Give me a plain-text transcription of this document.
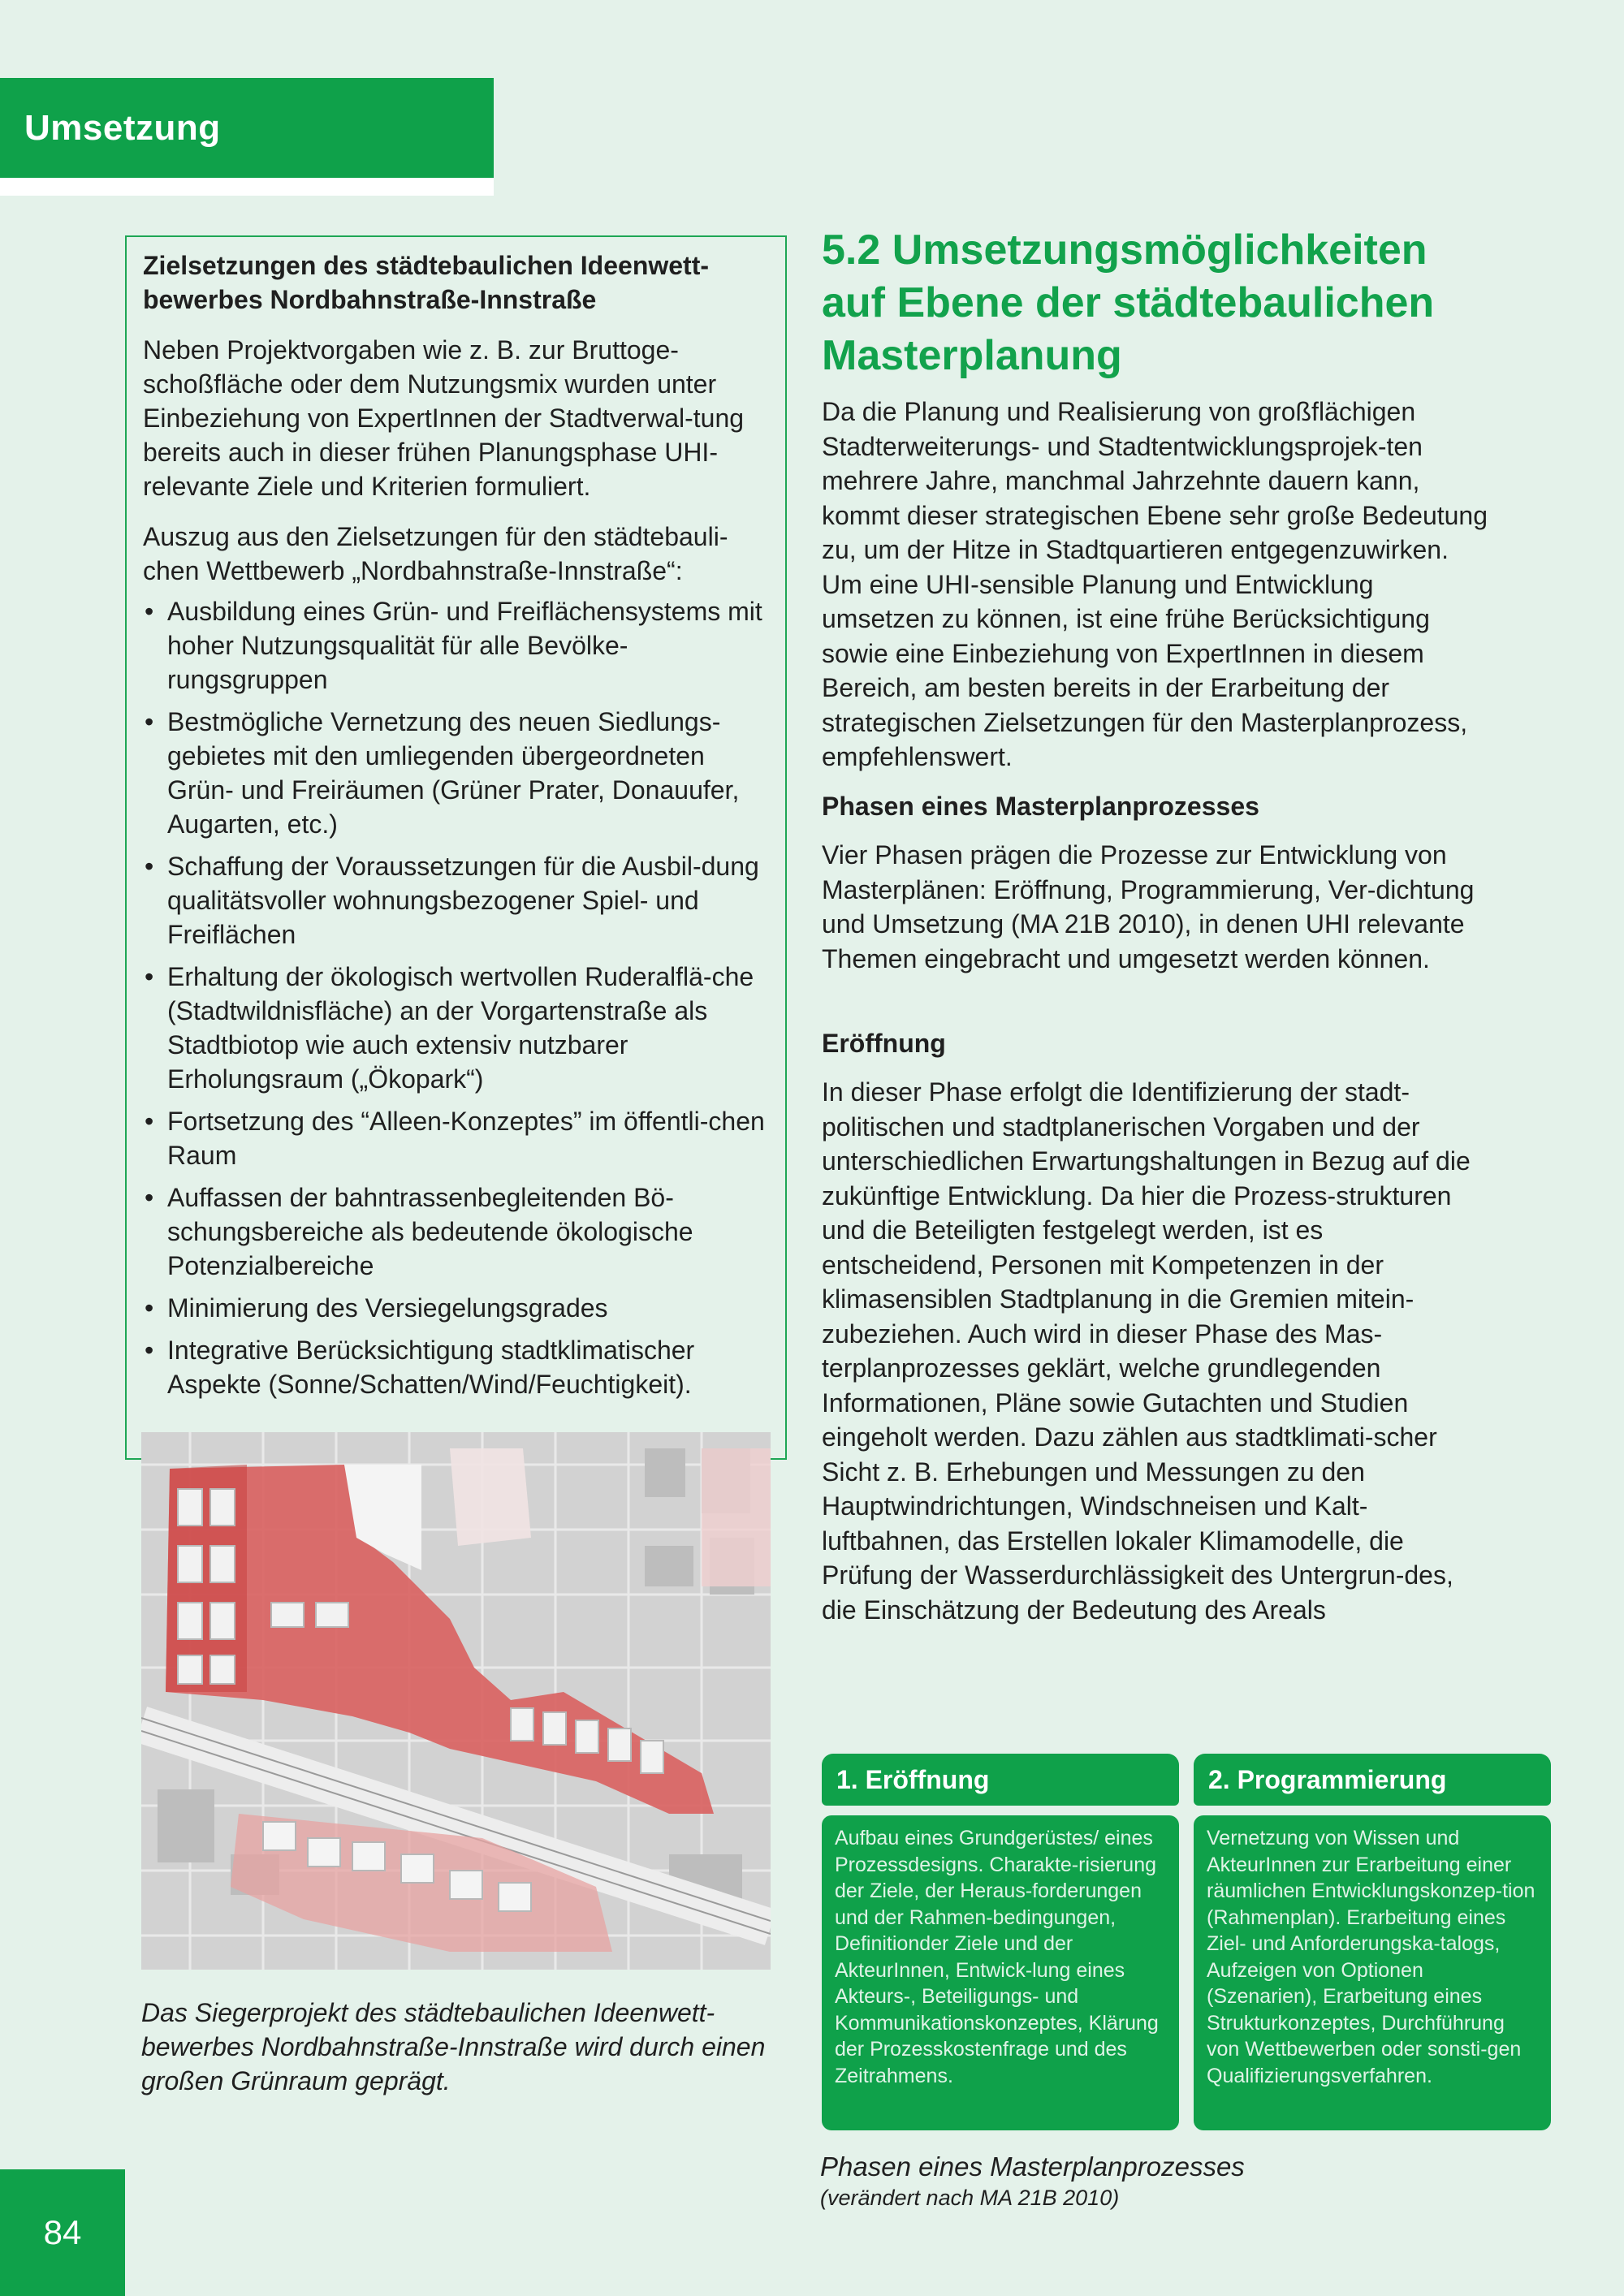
Umsetzung
Zielsetzungen des städtebaulichen Ideenwett-
bewerbes Nordbahnstraße-Innstraße
Neben Projektvorgaben wie z. B. zur Bruttoge-schoßfläche oder dem Nutzungsmix wurden unter Einbeziehung von ExpertInnen der Stadtverwal-tung bereits auch in dieser frühen Planungsphase UHI-relevante Ziele und Kriterien formuliert.
Auszug aus den Zielsetzungen für den städtebauli-chen Wettbewerb „Nordbahnstraße-Innstraße“:
• Ausbildung eines Grün- und Freiflächensystems mit hoher Nutzungsqualität für alle Bevölke-rungsgruppen
• Bestmögliche Vernetzung des neuen Siedlungs-gebietes mit den umliegenden übergeordneten Grün- und Freiräumen (Grüner Prater, Donauufer, Augarten, etc.)
• Schaffung der Voraussetzungen für die Ausbil-dung qualitätsvoller wohnungsbezogener Spiel- und Freiflächen
• Erhaltung der ökologisch wertvollen Ruderalflä-che (Stadtwildnisfläche) an der Vorgartenstraße als Stadtbiotop wie auch extensiv nutzbarer Erholungsraum („Ökopark“)
• Fortsetzung des “Alleen-Konzeptes” im öffentli-chen Raum
• Auffassen der bahntrassenbegleitenden Bö-schungsbereiche als bedeutende ökologische Potenzialbereiche
• Minimierung des Versiegelungsgrades
• Integrative Berücksichtigung stadtklimatischer Aspekte (Sonne/Schatten/Wind/Feuchtigkeit).
Das Siegerprojekt des städtebaulichen Ideenwett-bewerbes Nordbahnstraße-Innstraße wird durch einen großen Grünraum geprägt.
5.2 Umsetzungsmöglichkeiten
auf Ebene der städtebaulichen
Masterplanung
Da die Planung und Realisierung von großflächigen Stadterweiterungs- und Stadtentwicklungsprojek-ten mehrere Jahre, manchmal Jahrzehnte dauern kann, kommt dieser strategischen Ebene sehr große Bedeutung zu, um der Hitze in Stadtquartieren entgegenzuwirken. Um eine UHI-sensible Planung und Entwicklung umsetzen zu können, ist eine frühe Berücksichtigung sowie eine Einbeziehung von ExpertInnen in diesem Bereich, am besten bereits in der Erarbeitung der strategischen Zielsetzungen für den Masterplanprozess, empfehlenswert.
Phasen eines Masterplanprozesses
Vier Phasen prägen die Prozesse zur Entwicklung von Masterplänen: Eröffnung, Programmierung, Ver-dichtung und Umsetzung (MA 21B 2010), in denen UHI relevante Themen eingebracht und umgesetzt werden können.
Eröffnung
In dieser Phase erfolgt die Identifizierung der stadt-politischen und stadtplanerischen Vorgaben und der unterschiedlichen Erwartungshaltungen in Bezug auf die zukünftige Entwicklung. Da hier die Prozess-strukturen und die Beteiligten festgelegt werden, ist es entscheidend, Personen mit Kompetenzen in der klimasensiblen Stadtplanung in die Gremien mitein-zubeziehen. Auch wird in dieser Phase des Mas-terplanprozesses geklärt, welche grundlegenden Informationen, Pläne sowie Gutachten und Studien eingeholt werden. Dazu zählen aus stadtklimati-scher Sicht z. B. Erhebungen und Messungen zu den Hauptwindrichtungen, Windschneisen und Kalt-luftbahnen, das Erstellen lokaler Klimamodelle, die Prüfung der Wasserdurchlässigkeit des Untergrun-des, die Einschätzung der Bedeutung des Areals
1. Eröffnung
Aufbau eines Grundgerüstes/ eines Prozessdesigns. Charakte-risierung der Ziele, der Heraus-forderungen und der Rahmen-bedingungen, Definitionder Ziele und der AkteurInnen, Entwick-lung eines Akteurs-, Beteiligungs- und Kommunikationskonzeptes, Klärung der Prozesskostenfrage und des Zeitrahmens.
2. Programmierung
Vernetzung von Wissen und AkteurInnen zur Erarbeitung einer räumlichen Entwicklungskonzep-tion (Rahmenplan). Erarbeitung eines Ziel- und Anforderungska-talogs, Aufzeigen von Optionen (Szenarien), Erarbeitung eines Strukturkonzeptes, Durchführung von Wettbewerben oder sonsti-gen Qualifizierungsverfahren.
Phasen eines Masterplanprozesses
(verändert nach MA 21B 2010)
84
